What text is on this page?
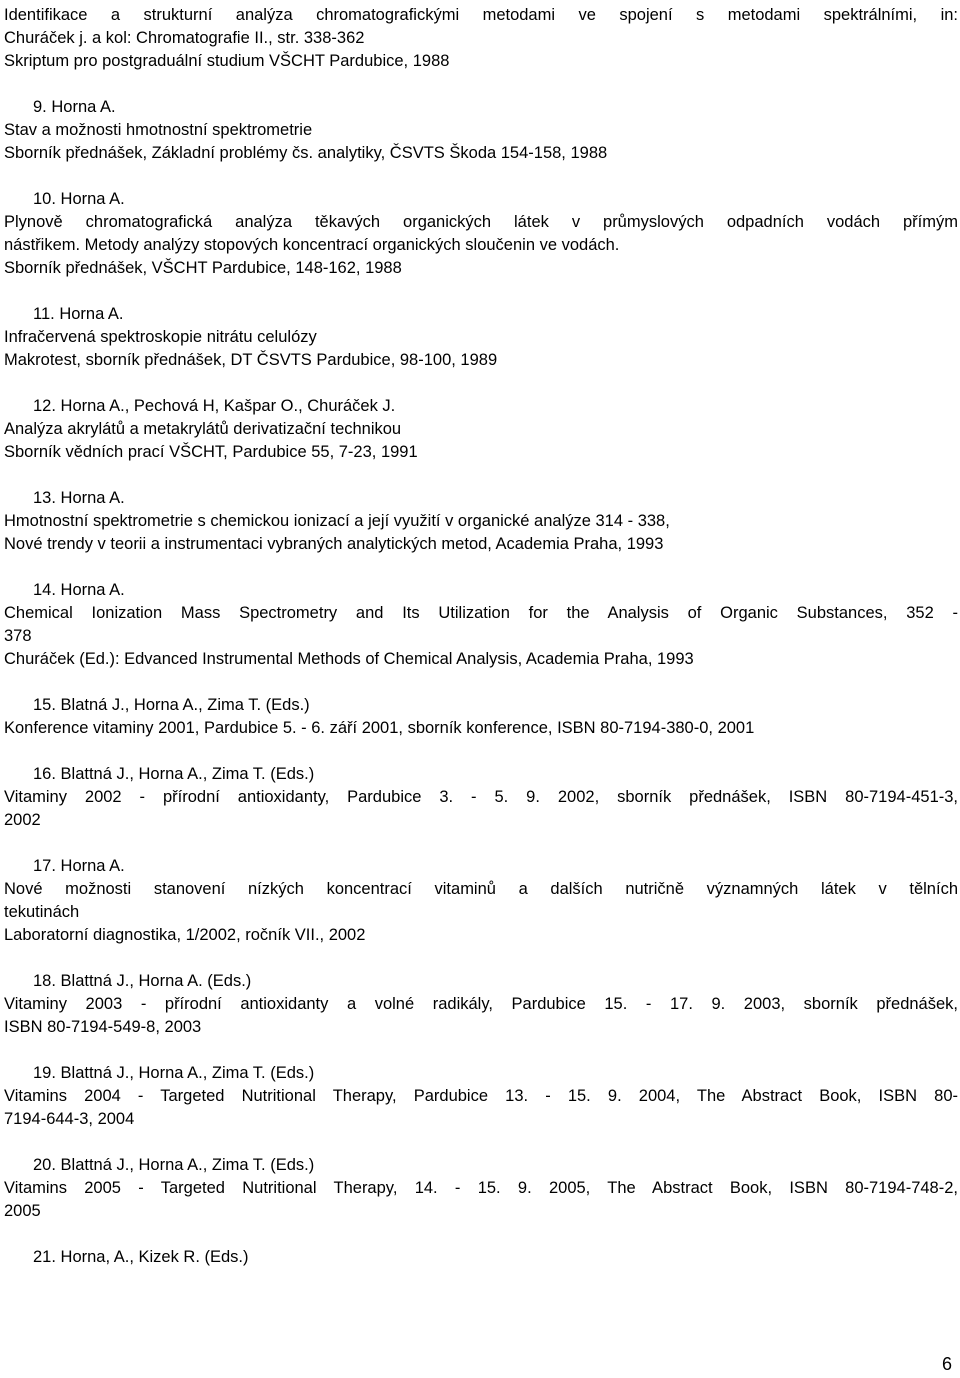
Identifikace a strukturní analýza chromatografickými metodami ve spojení s metodami spektrálními, in:

Churáček j. a kol: Chromatografie II., str. 338-362

Skriptum pro postgraduální studium VŠCHT Pardubice, 1988

9. Horna A.

Stav a možnosti hmotnostní spektrometrie

Sborník přednášek, Základní problémy čs. analytiky, ČSVTS Škoda 154-158, 1988

10. Horna A.

Plynově chromatografická analýza těkavých organických látek v průmyslových odpadních vodách přímým

nástřikem. Metody analýzy stopových koncentrací organických sloučenin ve vodách.

Sborník přednášek, VŠCHT Pardubice, 148-162, 1988

11. Horna A.

Infračervená spektroskopie nitrátu celulózy

Makrotest, sborník přednášek, DT ČSVTS Pardubice, 98-100, 1989

12. Horna A., Pechová H, Kašpar O., Churáček J.

Analýza akrylátů a metakrylátů derivatizační technikou

Sborník vědních prací VŠCHT, Pardubice 55, 7-23, 1991

13. Horna A.

Hmotnostní spektrometrie s chemickou ionizací a její využití v organické analýze 314 - 338,

Nové trendy v teorii a instrumentaci vybraných analytických metod, Academia Praha, 1993

14. Horna A.

Chemical Ionization Mass Spectrometry and Its Utilization for the Analysis of Organic Substances, 352 -

378

Churáček (Ed.): Edvanced Instrumental Methods of Chemical Analysis, Academia Praha, 1993

15. Blatná J., Horna A., Zima T. (Eds.)

Konference vitaminy 2001, Pardubice 5. - 6. září 2001, sborník konference, ISBN 80-7194-380-0, 2001

16. Blattná J., Horna A., Zima T. (Eds.)

Vitaminy 2002 - přírodní antioxidanty, Pardubice 3. - 5. 9. 2002, sborník přednášek, ISBN 80-7194-451-3,

2002

17. Horna A.

Nové možnosti stanovení nízkých koncentrací vitaminů a dalších nutričně významných látek v tělních

tekutinách

Laboratorní diagnostika, 1/2002, ročník VII., 2002

18. Blattná J., Horna A. (Eds.)

Vitaminy 2003 - přírodní antioxidanty a volné radikály, Pardubice 15. - 17. 9. 2003, sborník přednášek,

ISBN 80-7194-549-8, 2003

19. Blattná J., Horna A., Zima T. (Eds.)

Vitamins 2004 - Targeted Nutritional Therapy, Pardubice 13. - 15. 9. 2004, The Abstract Book, ISBN 80-

7194-644-3, 2004

20. Blattná J., Horna A., Zima T. (Eds.)

Vitamins 2005 - Targeted Nutritional Therapy, 14. - 15. 9. 2005, The Abstract Book, ISBN 80-7194-748-2,

2005

21. Horna, A., Kizek R. (Eds.)

6
